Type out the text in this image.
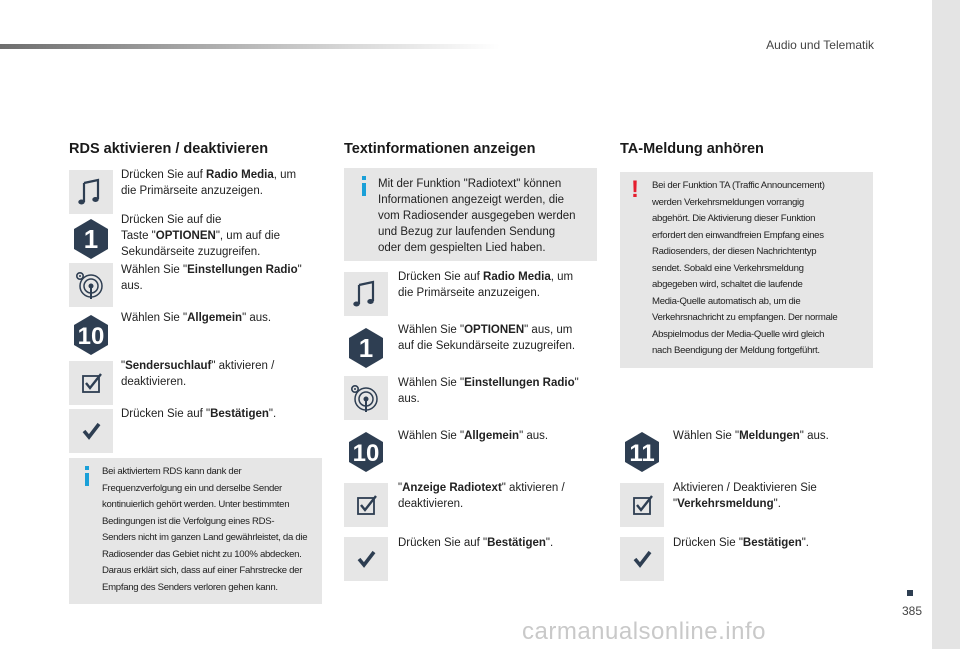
Audio und Telematik
RDS aktivieren / deaktivieren
Drücken Sie auf Radio Media, um
die Primärseite anzuzeigen.
1
Drücken Sie auf die
Taste "OPTIONEN", um auf die
Sekundärseite zuzugreifen.
Wählen Sie "Einstellungen Radio"
aus.
10
Wählen Sie "Allgemein" aus.
"Sendersuchlauf" aktivieren /
deaktivieren.
Drücken Sie auf "Bestätigen".
Bei aktiviertem RDS kann dank der
Frequenzverfolgung ein und derselbe Sender
kontinuierlich gehört werden. Unter bestimmten
Bedingungen ist die Verfolgung eines RDS-
Senders nicht im ganzen Land gewährleistet, da die
Radiosender das Gebiet nicht zu 100% abdecken.
Daraus erklärt sich, dass auf einer Fahrstrecke der
Empfang des Senders verloren gehen kann.
Textinformationen anzeigen
Mit der Funktion "Radiotext" können
Informationen angezeigt werden, die
vom Radiosender ausgegeben werden
und Bezug zur laufenden Sendung
oder dem gespielten Lied haben.
Drücken Sie auf Radio Media, um
die Primärseite anzuzeigen.
1
Wählen Sie "OPTIONEN" aus, um
auf die Sekundärseite zuzugreifen.
Wählen Sie "Einstellungen Radio"
aus.
10
Wählen Sie "Allgemein" aus.
"Anzeige Radiotext" aktivieren /
deaktivieren.
Drücken Sie auf "Bestätigen".
TA-Meldung anhören
! Bei der Funktion TA (Traffic Announcement)
werden Verkehrsmeldungen vorrangig
abgehört. Die Aktivierung dieser Funktion
erfordert den einwandfreien Empfang eines
Radiosenders, der diesen Nachrichtentyp
sendet. Sobald eine Verkehrsmeldung
abgegeben wird, schaltet die laufende
Media-Quelle automatisch ab, um die
Verkehrsnachricht zu empfangen. Der normale
Abspielmodus der Media-Quelle wird gleich
nach Beendigung der Meldung fortgeführt.
11
Wählen Sie "Meldungen" aus.
Aktivieren / Deaktivieren Sie
"Verkehrsmeldung".
Drücken Sie "Bestätigen".
385
carmanualsonline.info
